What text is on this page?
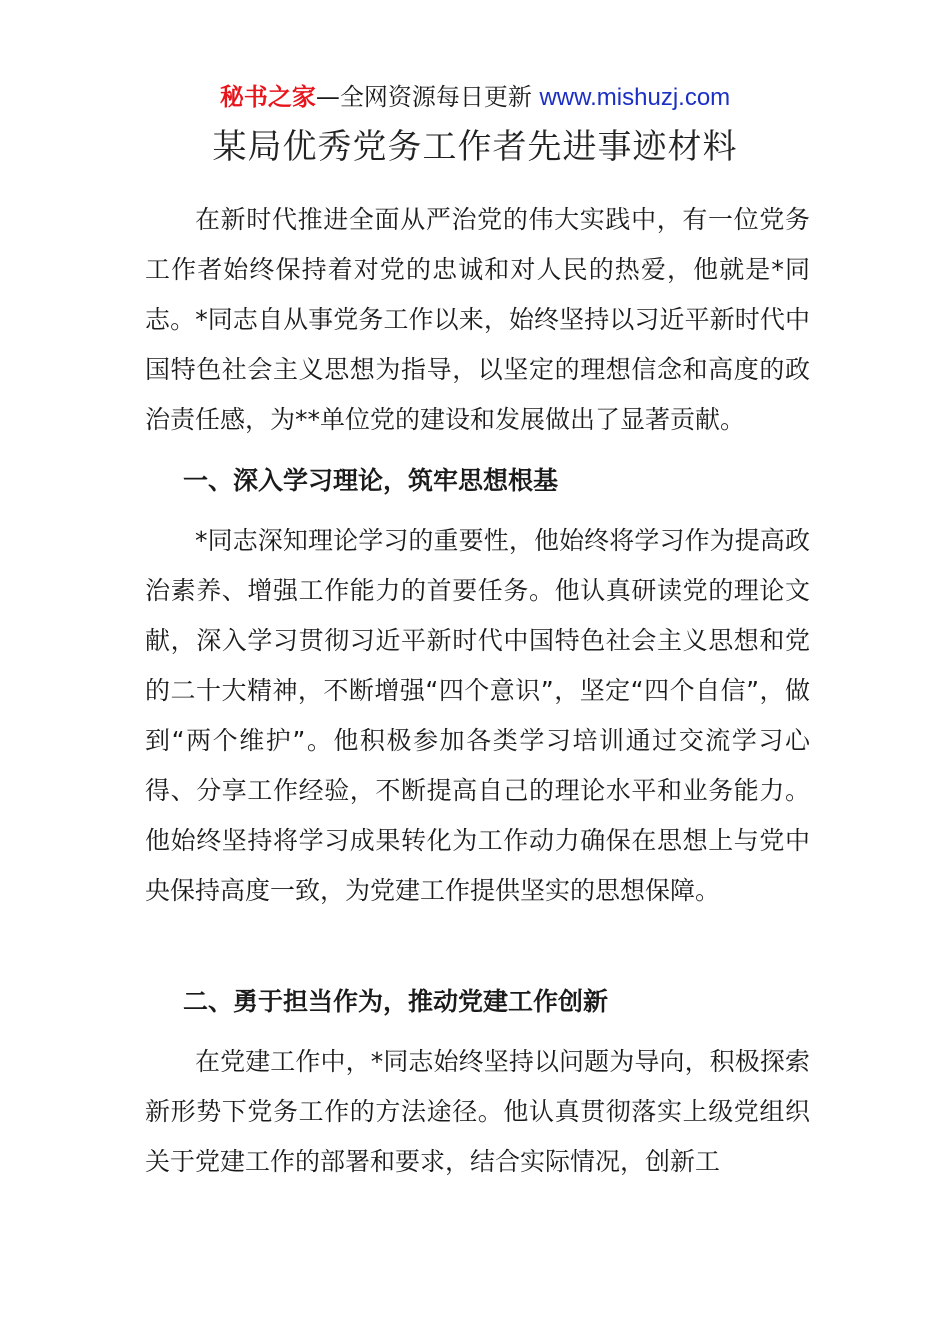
秘书之家—全网资源每日更新 www.mishuzj.com
某局优秀党务工作者先进事迹材料

在新时代推进全面从严治党的伟大实践中，有一位党务工作者始终保持着对党的忠诚和对人民的热爱，他就是*同志。*同志自从事党务工作以来，始终坚持以习近平新时代中国特色社会主义思想为指导，以坚定的理想信念和高度的政治责任感，为**单位党的建设和发展做出了显著贡献。

一、深入学习理论，筑牢思想根基

*同志深知理论学习的重要性，他始终将学习作为提高政治素养、增强工作能力的首要任务。他认真研读党的理论文献，深入学习贯彻习近平新时代中国特色社会主义思想和党的二十大精神，不断增强“四个意识”，坚定“四个自信”，做到“两个维护”。他积极参加各类学习培训通过交流学习心得、分享工作经验，不断提高自己的理论水平和业务能力。他始终坚持将学习成果转化为工作动力确保在思想上与党中央保持高度一致，为党建工作提供坚实的思想保障。

二、勇于担当作为，推动党建工作创新

在党建工作中，*同志始终坚持以问题为导向，积极探索新形势下党务工作的方法途径。他认真贯彻落实上级党组织关于党建工作的部署和要求，结合实际情况，创新工
